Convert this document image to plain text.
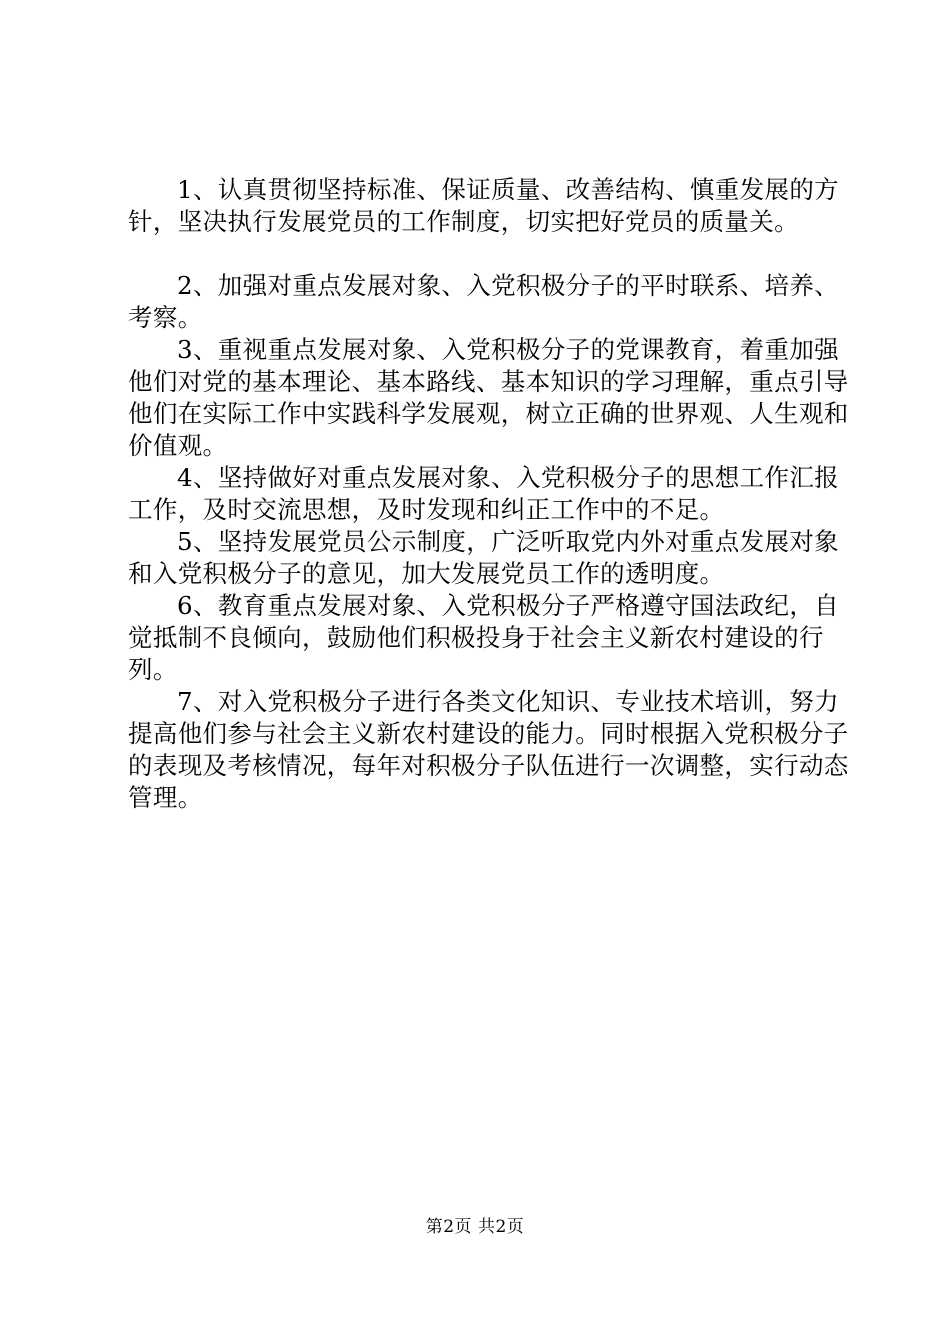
1、认真贯彻坚持标准、保证质量、改善结构、慎重发展的方针，坚决执行发展党员的工作制度，切实把好党员的质量关。

2、加强对重点发展对象、入党积极分子的平时联系、培养、考察。

3、重视重点发展对象、入党积极分子的党课教育，着重加强他们对党的基本理论、基本路线、基本知识的学习理解，重点引导他们在实际工作中实践科学发展观，树立正确的世界观、人生观和价值观。

4、坚持做好对重点发展对象、入党积极分子的思想工作汇报工作，及时交流思想，及时发现和纠正工作中的不足。

5、坚持发展党员公示制度，广泛听取党内外对重点发展对象和入党积极分子的意见，加大发展党员工作的透明度。

6、教育重点发展对象、入党积极分子严格遵守国法政纪，自觉抵制不良倾向，鼓励他们积极投身于社会主义新农村建设的行列。

7、对入党积极分子进行各类文化知识、专业技术培训，努力提高他们参与社会主义新农村建设的能力。同时根据入党积极分子的表现及考核情况，每年对积极分子队伍进行一次调整，实行动态管理。

第2页 共2页
